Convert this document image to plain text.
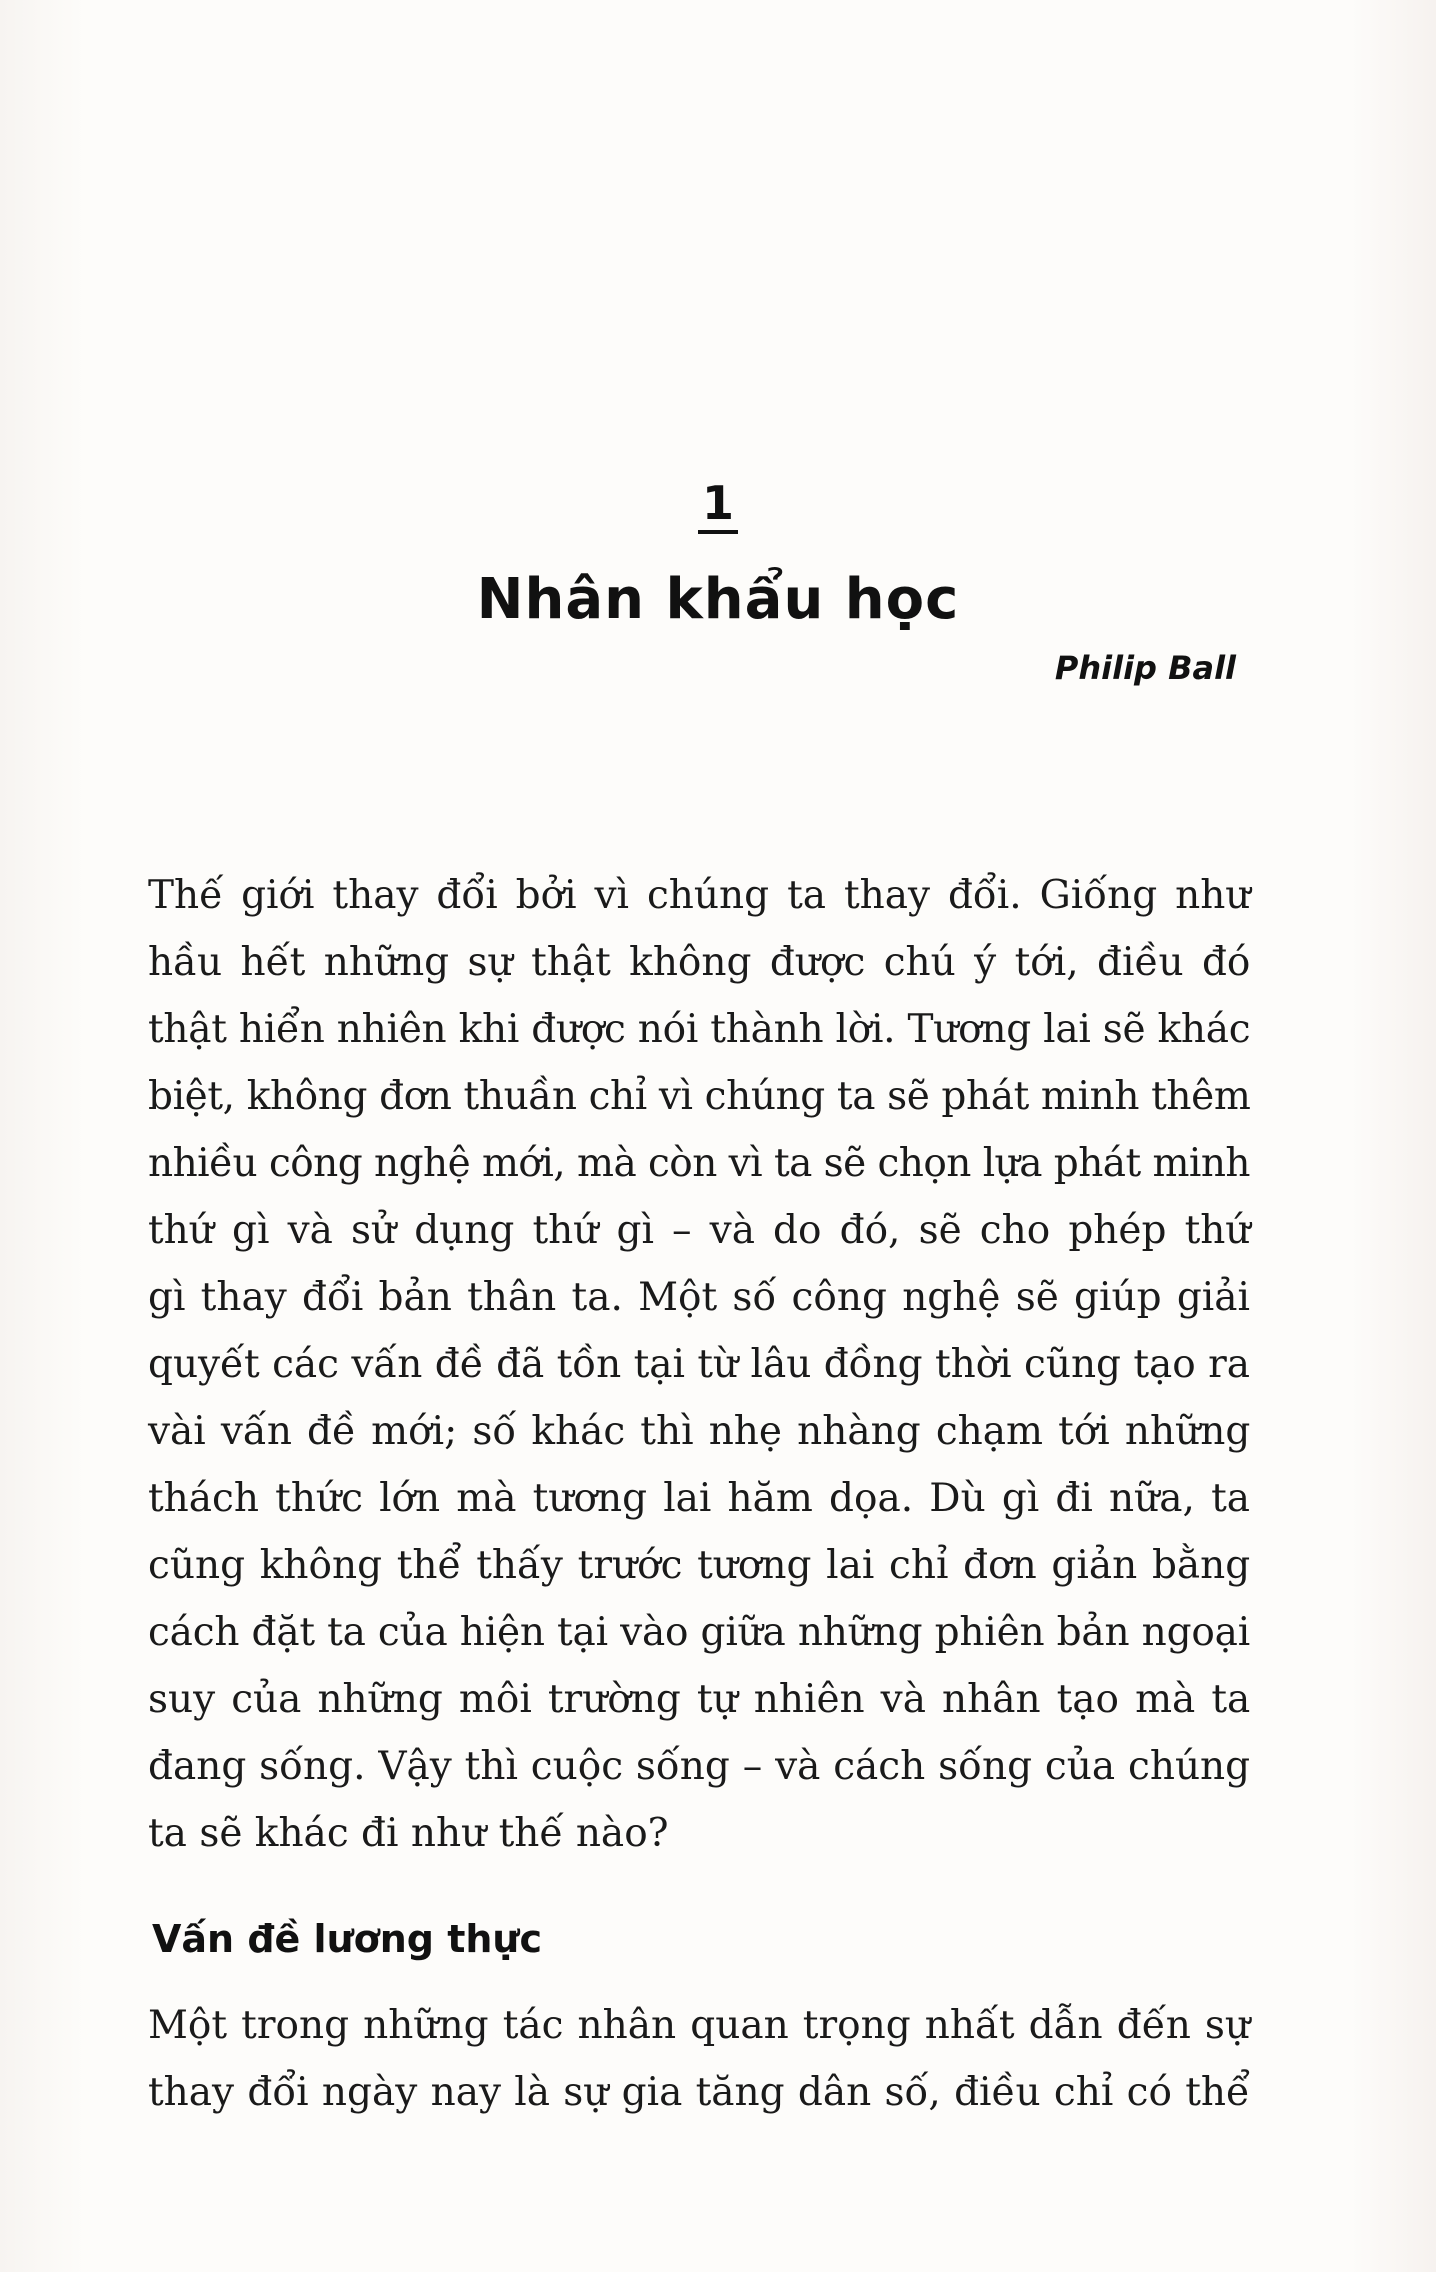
1
Nhân khẩu học
Philip Ball
Thế giới thay đổi bởi vì chúng ta thay đổi. Giống như
hầu hết những sự thật không được chú ý tới, điều đó
thật hiển nhiên khi được nói thành lời. Tương lai sẽ khác
biệt, không đơn thuần chỉ vì chúng ta sẽ phát minh thêm
nhiều công nghệ mới, mà còn vì ta sẽ chọn lựa phát minh
thứ gì và sử dụng thứ gì – và do đó, sẽ cho phép thứ
gì thay đổi bản thân ta. Một số công nghệ sẽ giúp giải
quyết các vấn đề đã tồn tại từ lâu đồng thời cũng tạo ra
vài vấn đề mới; số khác thì nhẹ nhàng chạm tới những
thách thức lớn mà tương lai hăm dọa. Dù gì đi nữa, ta
cũng không thể thấy trước tương lai chỉ đơn giản bằng
cách đặt ta của hiện tại vào giữa những phiên bản ngoại
suy của những môi trường tự nhiên và nhân tạo mà ta
đang sống. Vậy thì cuộc sống – và cách sống của chúng
ta sẽ khác đi như thế nào?
Vấn đề lương thực
Một trong những tác nhân quan trọng nhất dẫn đến sự
thay đổi ngày nay là sự gia tăng dân số, điều chỉ có thể
